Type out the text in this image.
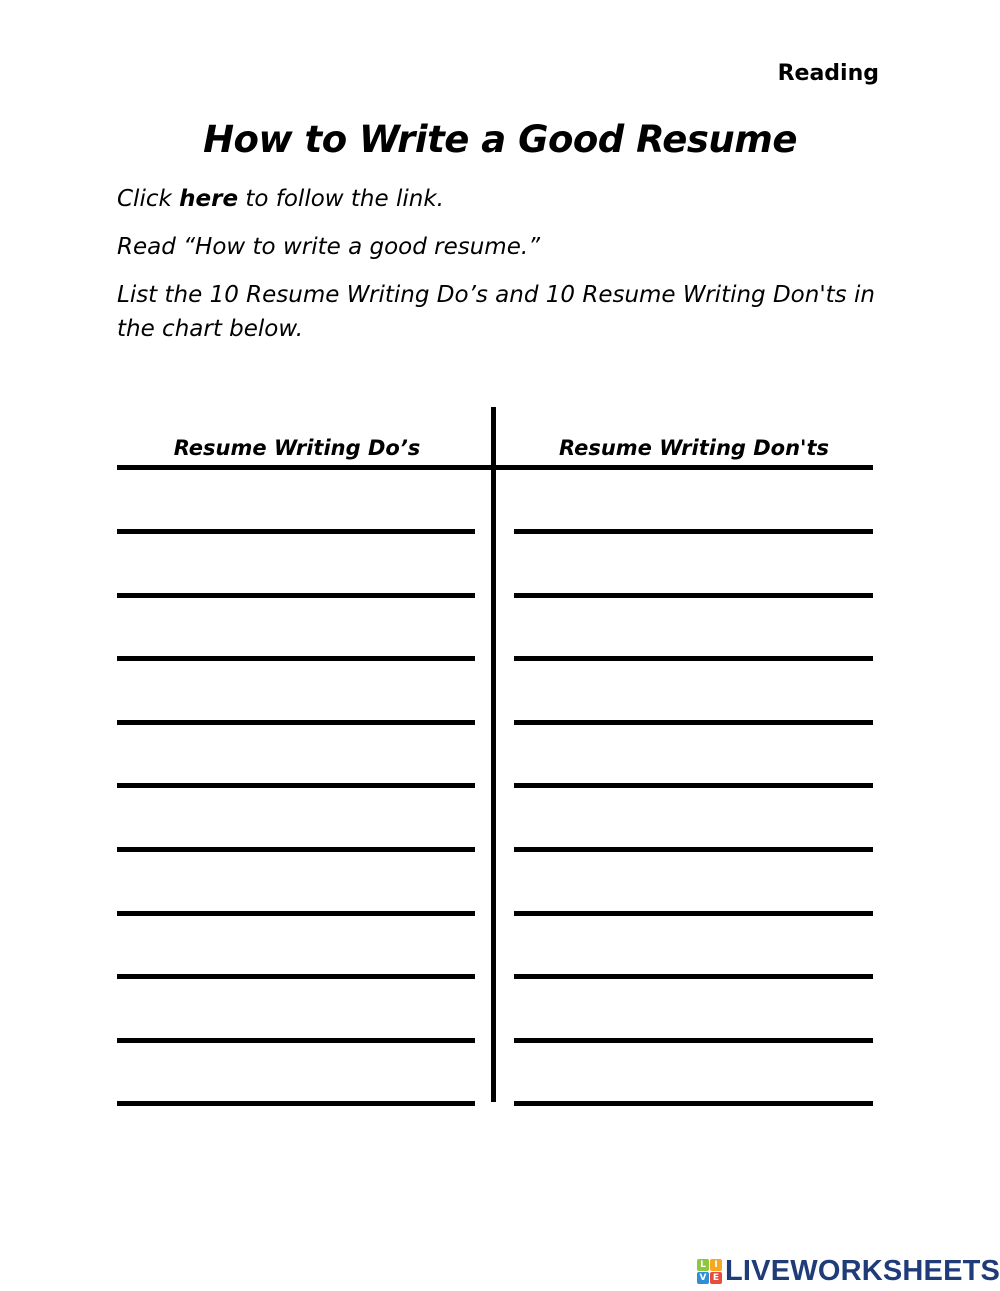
Reading
How to Write a Good Resume
Click here to follow the link.
Read “How to write a good resume.”
List the 10 Resume Writing Do’s and 10 Resume Writing Don'ts in the chart below.
Resume Writing Do’s	Resume Writing Don'ts
L I
V E LIVEWORKSHEETS
